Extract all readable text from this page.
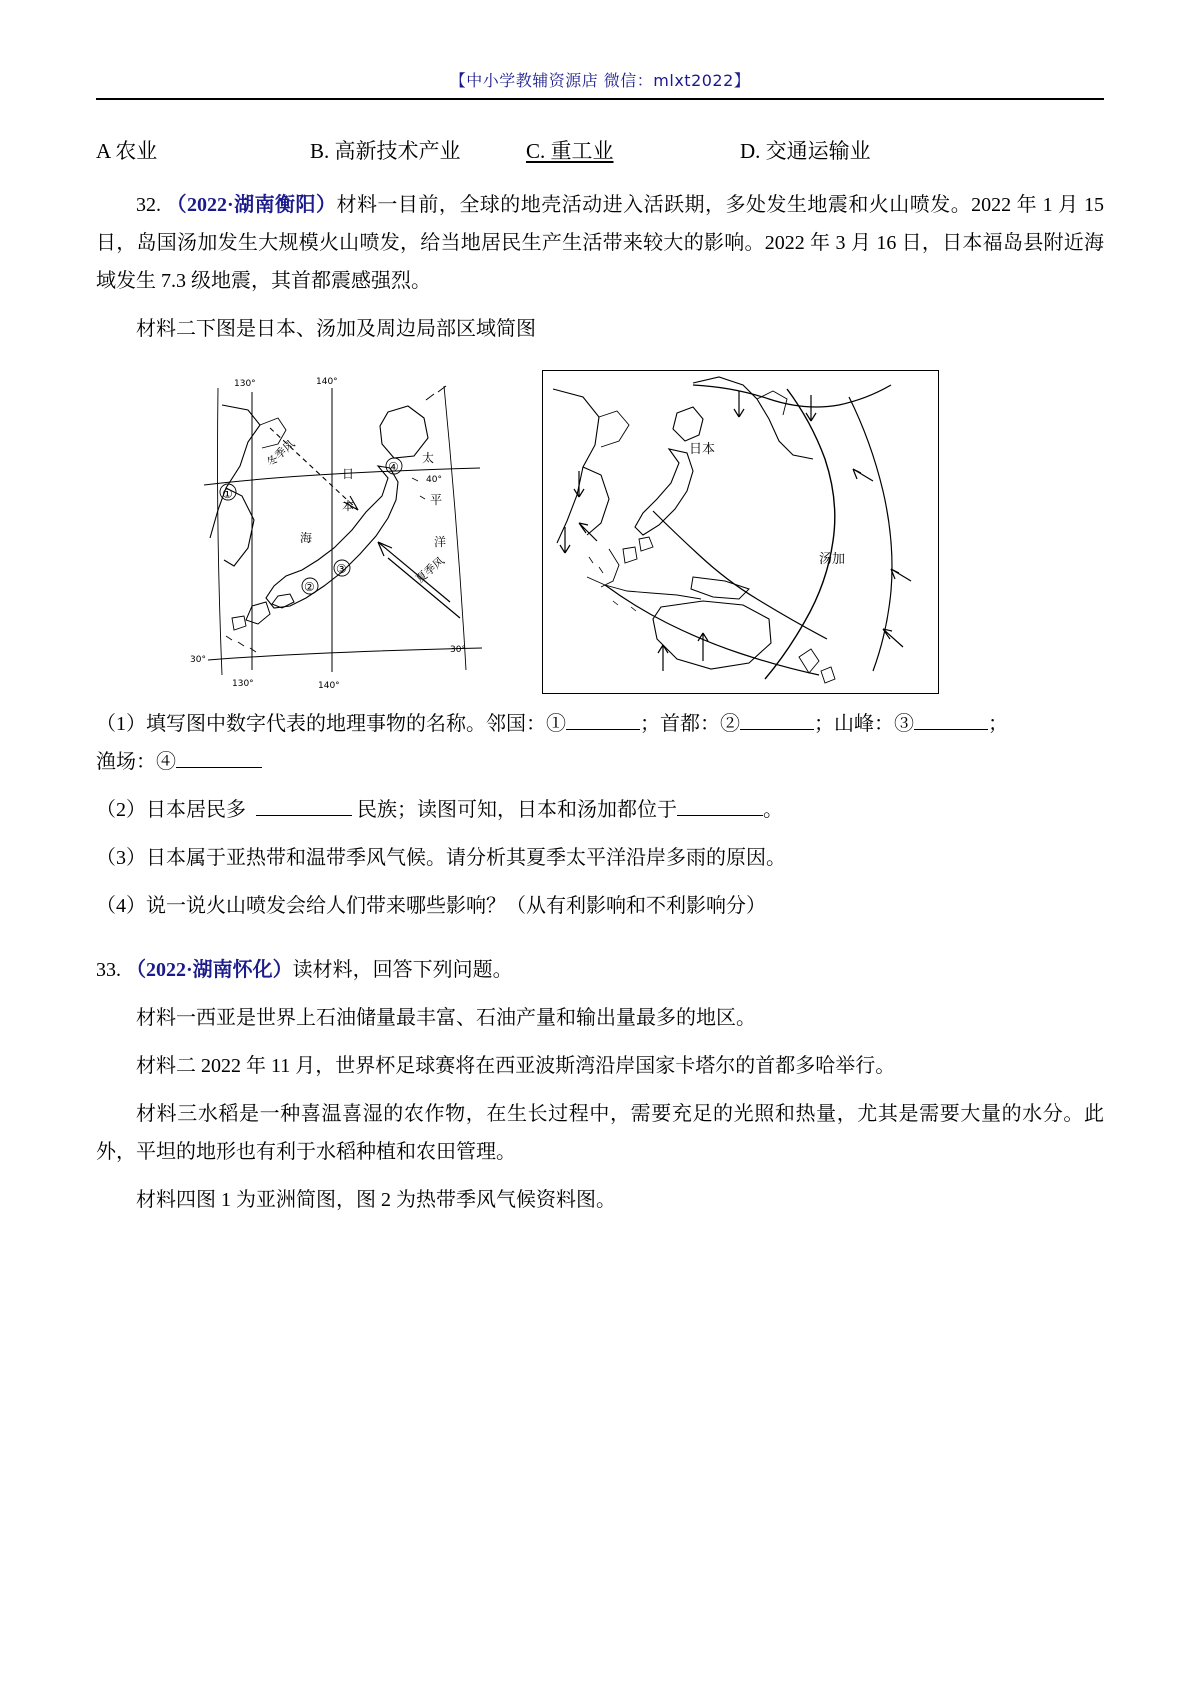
【中小学教辅资源店 微信：mlxt2022】
A 农业	B. 高新技术产业	C. 重工业	D. 交通运输业

32. （2022·湖南衡阳）材料一目前，全球的地壳活动进入活跃期，多处发生地震和火山喷发。2022 年 1 月 15 日，岛国汤加发生大规模火山喷发，给当地居民生产生活带来较大的影响。2022 年 3 月 16 日，日本福岛县附近海域发生 7.3 级地震，其首都震感强烈。

材料二下图是日本、汤加及周边局部区域简图

130°	140°
130°	140°
40°
30°
30°
①
②
③
④
日
本
海
太
平
洋
冬季风
夏季风
日本
汤加

（1）填写图中数字代表的地理事物的名称。邻国：①	；首都：②	；山峰：③	；

渔场：④

（2）日本居民多	民族；读图可知，日本和汤加都位于	。

（3）日本属于亚热带和温带季风气候。请分析其夏季太平洋沿岸多雨的原因。

（4）说一说火山喷发会给人们带来哪些影响？（从有利影响和不利影响分）

33. （2022·湖南怀化）读材料，回答下列问题。

材料一西亚是世界上石油储量最丰富、石油产量和输出量最多的地区。

材料二 2022 年 11 月，世界杯足球赛将在西亚波斯湾沿岸国家卡塔尔的首都多哈举行。

材料三水稻是一种喜温喜湿的农作物，在生长过程中，需要充足的光照和热量，尤其是需要大量的水分。此外，平坦的地形也有利于水稻种植和农田管理。

材料四图 1 为亚洲简图，图 2 为热带季风气候资料图。
